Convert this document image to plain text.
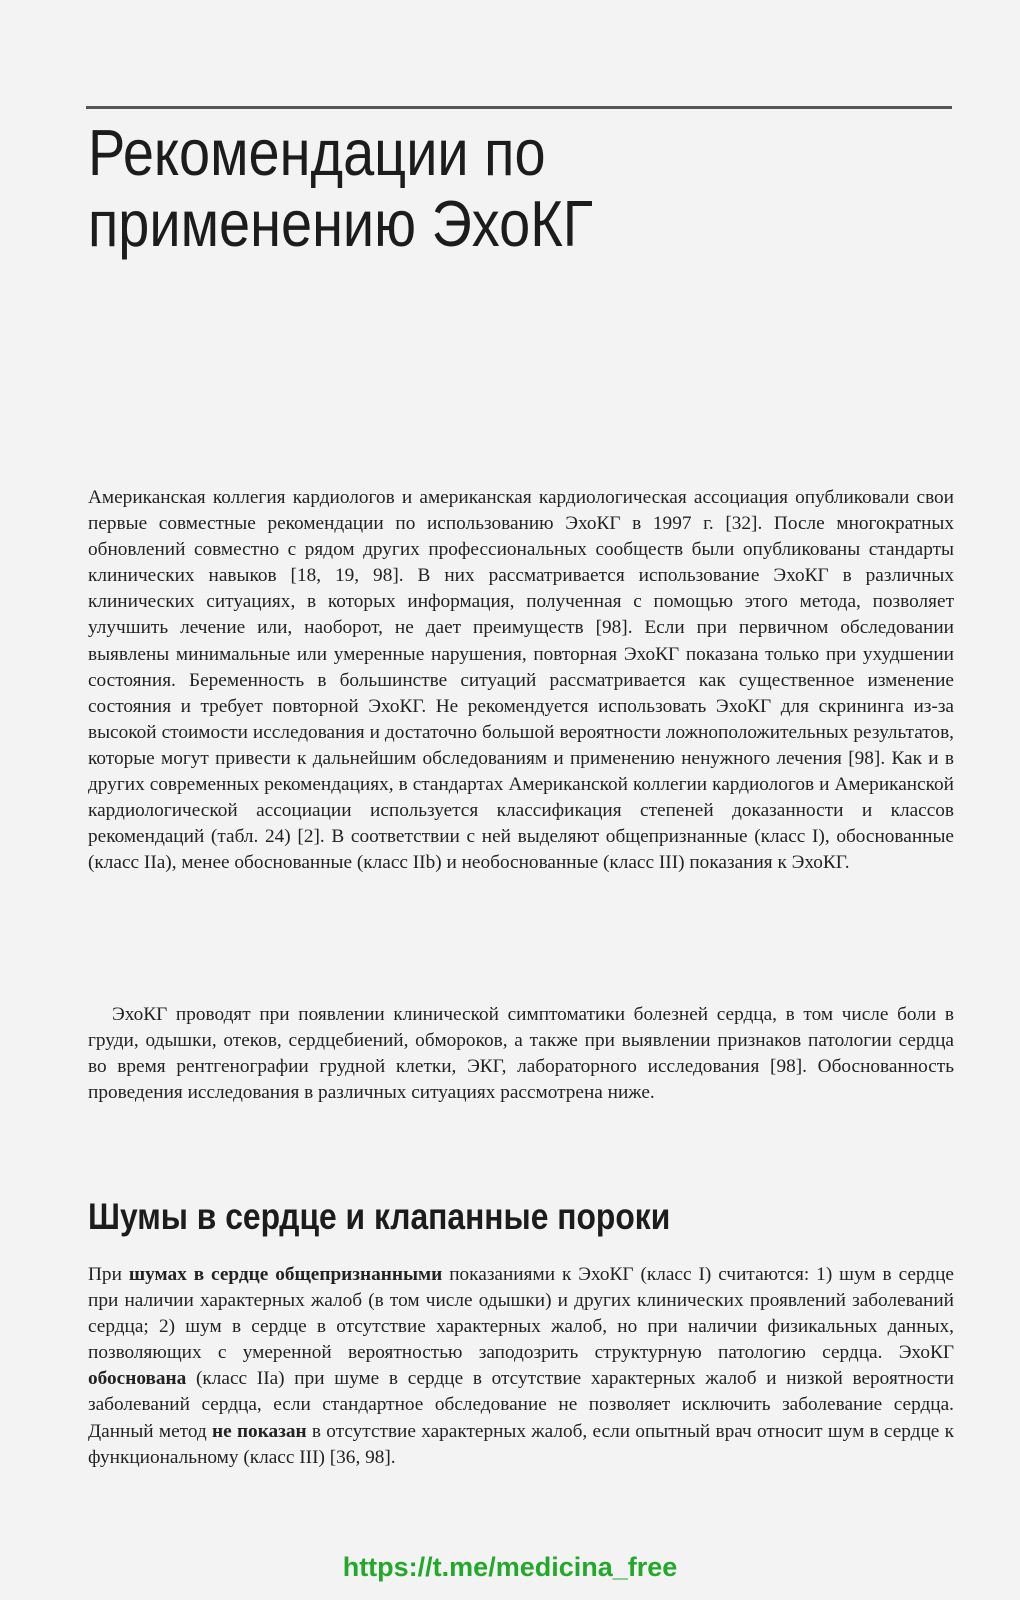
Рекомендации по
применению ЭхоКГ

Американская коллегия кардиологов и американская кардиологическая ассоциация опубликовали свои первые совместные рекомендации по использованию ЭхоКГ в 1997 г. [32]. После многократных обновлений совместно с рядом других профессиональных сообществ были опубликованы стандарты клинических навыков [18, 19, 98]. В них рассматривается использование ЭхоКГ в различных клинических ситуациях, в которых информация, полученная с помощью этого метода, позволяет улучшить лечение или, наоборот, не дает преимуществ [98]. Если при первичном обследовании выявлены минимальные или умеренные нарушения, повторная ЭхоКГ показана только при ухудшении состояния. Беременность в большинстве ситуаций рассматривается как существенное изменение состояния и требует повторной ЭхоКГ. Не рекомендуется использовать ЭхоКГ для скрининга из-за высокой стоимости исследования и достаточно большой вероятности ложноположительных результатов, которые могут привести к дальнейшим обследованиям и применению ненужного лечения [98]. Как и в других современных рекомендациях, в стандартах Американской коллегии кардиологов и Американской кардиологической ассоциации используется классификация степеней доказанности и классов рекомендаций (табл. 24) [2]. В соответствии с ней выделяют общепризнанные (класс I), обоснованные (класс IIa), менее обоснованные (класс IIb) и необоснованные (класс III) показания к ЭхоКГ.

ЭхоКГ проводят при появлении клинической симптоматики болезней сердца, в том числе боли в груди, одышки, отеков, сердцебиений, обмороков, а также при выявлении признаков патологии сердца во время рентгенографии грудной клетки, ЭКГ, лабораторного исследования [98]. Обоснованность проведения исследования в различных ситуациях рассмотрена ниже.

Шумы в сердце и клапанные пороки

При шумах в сердце общепризнанными показаниями к ЭхоКГ (класс I) считаются: 1) шум в сердце при наличии характерных жалоб (в том числе одышки) и других клинических проявлений заболеваний сердца; 2) шум в сердце в отсутствие характерных жалоб, но при наличии физикальных данных, позволяющих с умеренной вероятностью заподозрить структурную патологию сердца. ЭхоКГ обоснована (класс IIa) при шуме в сердце в отсутствие характерных жалоб и низкой вероятности заболеваний сердца, если стандартное обследование не позволяет исключить заболевание сердца. Данный метод не показан в отсутствие характерных жалоб, если опытный врач относит шум в сердце к функциональному (класс III) [36, 98].

https://t.me/medicina_free
